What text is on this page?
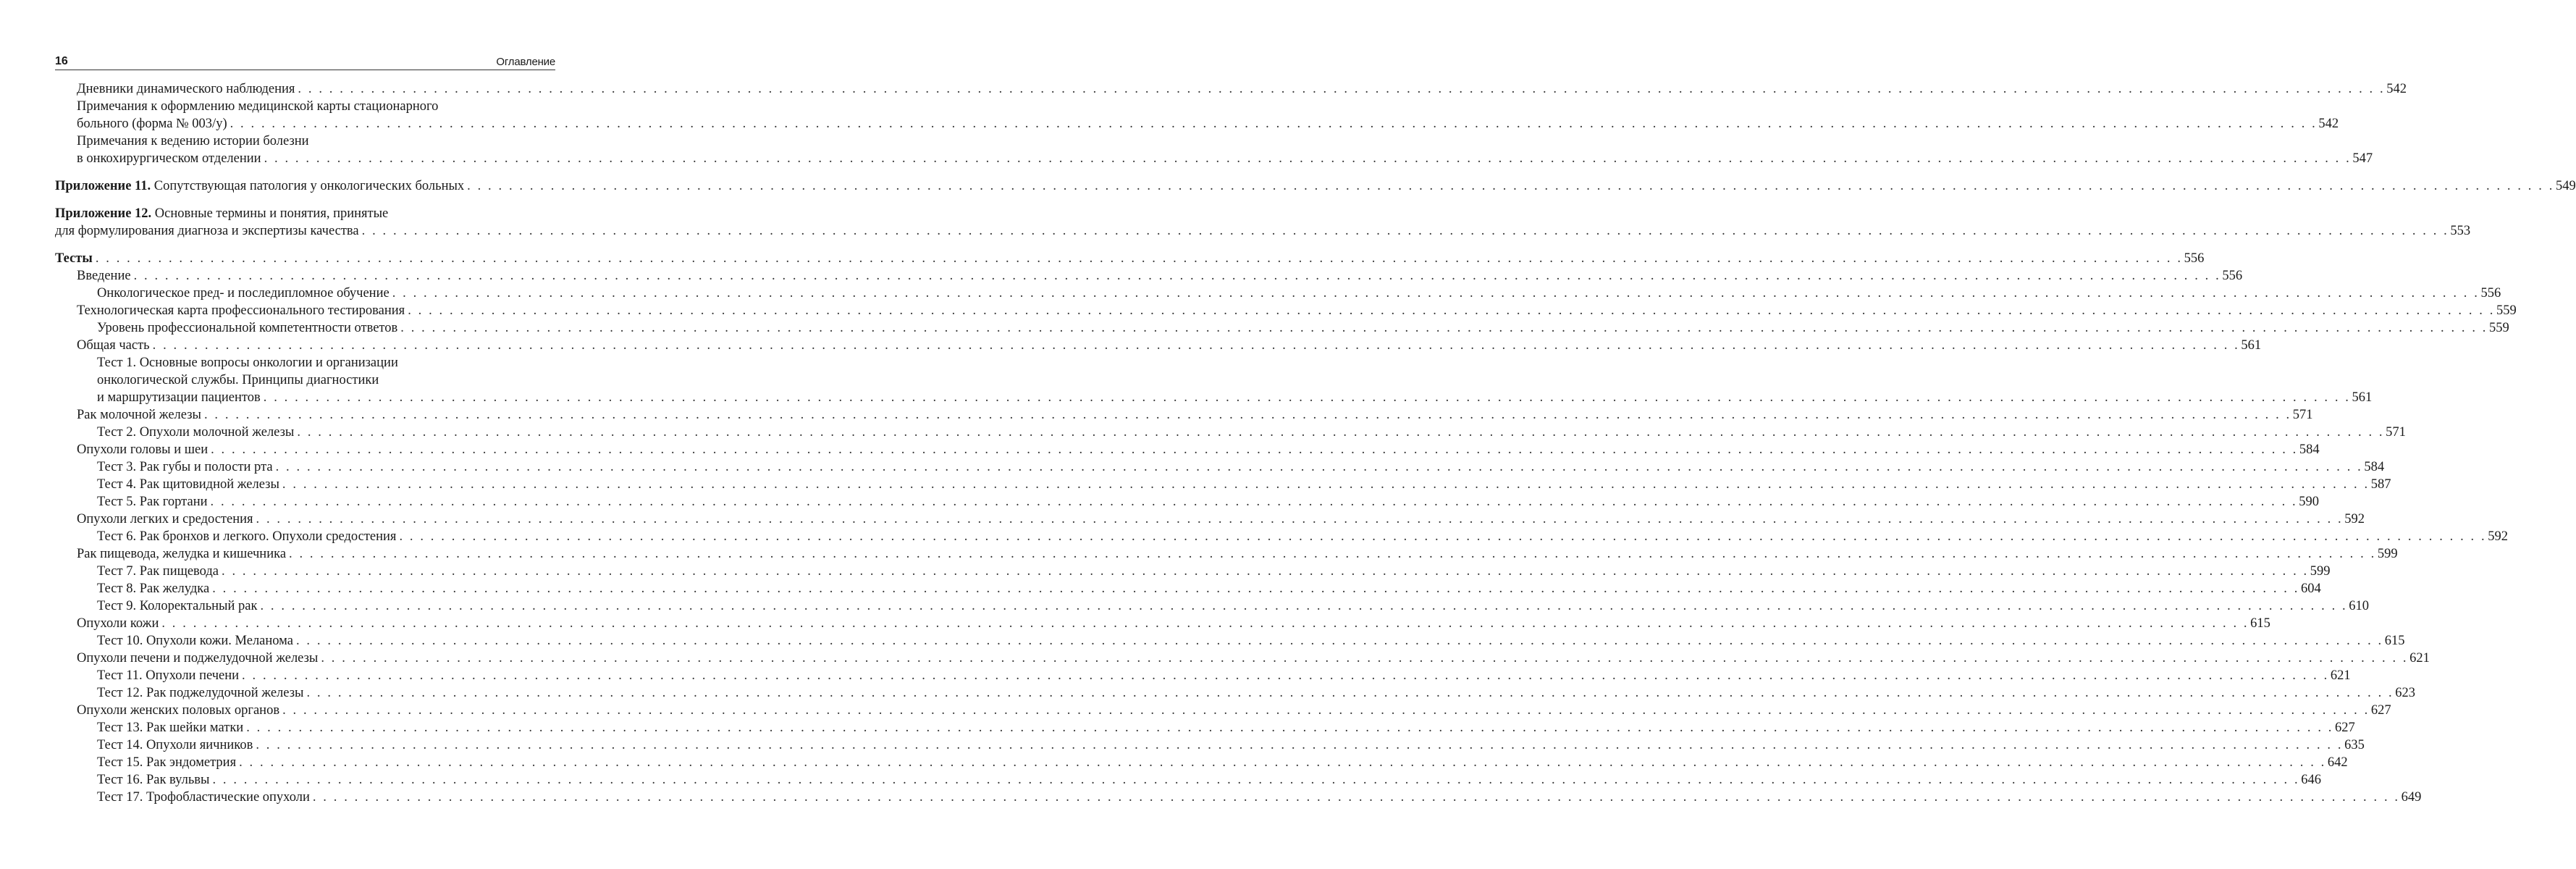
16	Оглавление
Дневники динамического наблюдения . . . . . . . . . . . . . . . . . . . . . . . . . . . . . . . . . . . . . . . . . . . . . . . . . . . . . . . . . . . . . . . . . . . . . . . . . . . . . . . . . . . . . . . . . . . . . . . . . . . . . . . . . . . . . . . . . . . . . . . . . . . . . . . . . . . . . . . . . . . . . . . . . . . . . . . . . . . . . . . . . . . . . . . . . . . . . . . . . . . . . . . . . . . . . . . . . . . . . . . . 542
Примечания к оформлению медицинской карты стационарного
больного (форма № 003/у) . . . . . . . . . . . . . . . . . . . . . . . . . . . . . . . . . . . . . . . . . . . . . . . . . . . . . . . . . . . . . . . . . . . . . . . . . . . . . . . . . . . . . . . . . . . . . . . . . . . . . . . . . . . . . . . . . . . . . . . . . . . . . . . . . . . . . . . . . . . . . . . . . . . . . . . . . . . . . . . . . . . . . . . . . . . . . . . . . . . . . . . . . . . . . . . . . . . . . . . . 542
Примечания к ведению истории болезни
в онкохирургическом отделении . . . . . . . . . . . . . . . . . . . . . . . . . . . . . . . . . . . . . . . . . . . . . . . . . . . . . . . . . . . . . . . . . . . . . . . . . . . . . . . . . . . . . . . . . . . . . . . . . . . . . . . . . . . . . . . . . . . . . . . . . . . . . . . . . . . . . . . . . . . . . . . . . . . . . . . . . . . . . . . . . . . . . . . . . . . . . . . . . . . . . . . . . . . . . . . . . . . . . . . . 547
Приложение 11. Сопутствующая патология у онкологических больных . . . . . . . . . . . . . . . . . . . . . . . . . . . . . . . . . . . . . . . . . . . . . . . . . . . . . . . . . . . . . . . . . . . . . . . . . . . . . . . . . . . . . . . . . . . . . . . . . . . . . . . . . . . . . . . . . . . . . . . . . . . . . . . . . . . . . . . . . . . . . . . . . . . . . . . . . . . . . . . . . . . . . . . . . . . . . . . . . . . . . . . . . . . . . . . . . . . . . . . . 549
Приложение 12. Основные термины и понятия, принятые
для формулирования диагноза и экспертизы качества . . . . . . . . . . . . . . . . . . . . . . . . . . . . . . . . . . . . . . . . . . . . . . . . . . . . . . . . . . . . . . . . . . . . . . . . . . . . . . . . . . . . . . . . . . . . . . . . . . . . . . . . . . . . . . . . . . . . . . . . . . . . . . . . . . . . . . . . . . . . . . . . . . . . . . . . . . . . . . . . . . . . . . . . . . . . . . . . . . . . . . . . . . . . . . . . . . . . . . . . 553
Тесты . . . . . . . . . . . . . . . . . . . . . . . . . . . . . . . . . . . . . . . . . . . . . . . . . . . . . . . . . . . . . . . . . . . . . . . . . . . . . . . . . . . . . . . . . . . . . . . . . . . . . . . . . . . . . . . . . . . . . . . . . . . . . . . . . . . . . . . . . . . . . . . . . . . . . . . . . . . . . . . . . . . . . . . . . . . . . . . . . . . . . . . . . . . . . . . . . . . . . . . . 556
Введение . . . . . . . . . . . . . . . . . . . . . . . . . . . . . . . . . . . . . . . . . . . . . . . . . . . . . . . . . . . . . . . . . . . . . . . . . . . . . . . . . . . . . . . . . . . . . . . . . . . . . . . . . . . . . . . . . . . . . . . . . . . . . . . . . . . . . . . . . . . . . . . . . . . . . . . . . . . . . . . . . . . . . . . . . . . . . . . . . . . . . . . . . . . . . . . . . . . . . . . . 556
Онкологическое пред- и последипломное обучение . . . . . . . . . . . . . . . . . . . . . . . . . . . . . . . . . . . . . . . . . . . . . . . . . . . . . . . . . . . . . . . . . . . . . . . . . . . . . . . . . . . . . . . . . . . . . . . . . . . . . . . . . . . . . . . . . . . . . . . . . . . . . . . . . . . . . . . . . . . . . . . . . . . . . . . . . . . . . . . . . . . . . . . . . . . . . . . . . . . . . . . . . . . . . . . . . . . . . . . . 556
Технологическая карта профессионального тестирования . . . . . . . . . . . . . . . . . . . . . . . . . . . . . . . . . . . . . . . . . . . . . . . . . . . . . . . . . . . . . . . . . . . . . . . . . . . . . . . . . . . . . . . . . . . . . . . . . . . . . . . . . . . . . . . . . . . . . . . . . . . . . . . . . . . . . . . . . . . . . . . . . . . . . . . . . . . . . . . . . . . . . . . . . . . . . . . . . . . . . . . . . . . . . . . . . . . . . . . . 559
Уровень профессиональной компетентности ответов . . . . . . . . . . . . . . . . . . . . . . . . . . . . . . . . . . . . . . . . . . . . . . . . . . . . . . . . . . . . . . . . . . . . . . . . . . . . . . . . . . . . . . . . . . . . . . . . . . . . . . . . . . . . . . . . . . . . . . . . . . . . . . . . . . . . . . . . . . . . . . . . . . . . . . . . . . . . . . . . . . . . . . . . . . . . . . . . . . . . . . . . . . . . . . . . . . . . . . . . 559
Общая часть . . . . . . . . . . . . . . . . . . . . . . . . . . . . . . . . . . . . . . . . . . . . . . . . . . . . . . . . . . . . . . . . . . . . . . . . . . . . . . . . . . . . . . . . . . . . . . . . . . . . . . . . . . . . . . . . . . . . . . . . . . . . . . . . . . . . . . . . . . . . . . . . . . . . . . . . . . . . . . . . . . . . . . . . . . . . . . . . . . . . . . . . . . . . . . . . . . . . . . . . 561
Тест 1. Основные вопросы онкологии и организации
онкологической службы. Принципы диагностики
и маршрутизации пациентов . . . . . . . . . . . . . . . . . . . . . . . . . . . . . . . . . . . . . . . . . . . . . . . . . . . . . . . . . . . . . . . . . . . . . . . . . . . . . . . . . . . . . . . . . . . . . . . . . . . . . . . . . . . . . . . . . . . . . . . . . . . . . . . . . . . . . . . . . . . . . . . . . . . . . . . . . . . . . . . . . . . . . . . . . . . . . . . . . . . . . . . . . . . . . . . . . . . . . . . . 561
Рак молочной железы . . . . . . . . . . . . . . . . . . . . . . . . . . . . . . . . . . . . . . . . . . . . . . . . . . . . . . . . . . . . . . . . . . . . . . . . . . . . . . . . . . . . . . . . . . . . . . . . . . . . . . . . . . . . . . . . . . . . . . . . . . . . . . . . . . . . . . . . . . . . . . . . . . . . . . . . . . . . . . . . . . . . . . . . . . . . . . . . . . . . . . . . . . . . . . . . . . . . . . . . 571
Тест 2. Опухоли молочной железы . . . . . . . . . . . . . . . . . . . . . . . . . . . . . . . . . . . . . . . . . . . . . . . . . . . . . . . . . . . . . . . . . . . . . . . . . . . . . . . . . . . . . . . . . . . . . . . . . . . . . . . . . . . . . . . . . . . . . . . . . . . . . . . . . . . . . . . . . . . . . . . . . . . . . . . . . . . . . . . . . . . . . . . . . . . . . . . . . . . . . . . . . . . . . . . . . . . . . . . . 571
Опухоли головы и шеи . . . . . . . . . . . . . . . . . . . . . . . . . . . . . . . . . . . . . . . . . . . . . . . . . . . . . . . . . . . . . . . . . . . . . . . . . . . . . . . . . . . . . . . . . . . . . . . . . . . . . . . . . . . . . . . . . . . . . . . . . . . . . . . . . . . . . . . . . . . . . . . . . . . . . . . . . . . . . . . . . . . . . . . . . . . . . . . . . . . . . . . . . . . . . . . . . . . . . . . . 584
Тест 3. Рак губы и полости рта . . . . . . . . . . . . . . . . . . . . . . . . . . . . . . . . . . . . . . . . . . . . . . . . . . . . . . . . . . . . . . . . . . . . . . . . . . . . . . . . . . . . . . . . . . . . . . . . . . . . . . . . . . . . . . . . . . . . . . . . . . . . . . . . . . . . . . . . . . . . . . . . . . . . . . . . . . . . . . . . . . . . . . . . . . . . . . . . . . . . . . . . . . . . . . . . . . . . . . . . 584
Тест 4. Рак щитовидной железы . . . . . . . . . . . . . . . . . . . . . . . . . . . . . . . . . . . . . . . . . . . . . . . . . . . . . . . . . . . . . . . . . . . . . . . . . . . . . . . . . . . . . . . . . . . . . . . . . . . . . . . . . . . . . . . . . . . . . . . . . . . . . . . . . . . . . . . . . . . . . . . . . . . . . . . . . . . . . . . . . . . . . . . . . . . . . . . . . . . . . . . . . . . . . . . . . . . . . . . . 587
Тест 5. Рак гортани . . . . . . . . . . . . . . . . . . . . . . . . . . . . . . . . . . . . . . . . . . . . . . . . . . . . . . . . . . . . . . . . . . . . . . . . . . . . . . . . . . . . . . . . . . . . . . . . . . . . . . . . . . . . . . . . . . . . . . . . . . . . . . . . . . . . . . . . . . . . . . . . . . . . . . . . . . . . . . . . . . . . . . . . . . . . . . . . . . . . . . . . . . . . . . . . . . . . . . . . 590
Опухоли легких и средостения . . . . . . . . . . . . . . . . . . . . . . . . . . . . . . . . . . . . . . . . . . . . . . . . . . . . . . . . . . . . . . . . . . . . . . . . . . . . . . . . . . . . . . . . . . . . . . . . . . . . . . . . . . . . . . . . . . . . . . . . . . . . . . . . . . . . . . . . . . . . . . . . . . . . . . . . . . . . . . . . . . . . . . . . . . . . . . . . . . . . . . . . . . . . . . . . . . . . . . . . 592
Тест 6. Рак бронхов и легкого. Опухоли средостения . . . . . . . . . . . . . . . . . . . . . . . . . . . . . . . . . . . . . . . . . . . . . . . . . . . . . . . . . . . . . . . . . . . . . . . . . . . . . . . . . . . . . . . . . . . . . . . . . . . . . . . . . . . . . . . . . . . . . . . . . . . . . . . . . . . . . . . . . . . . . . . . . . . . . . . . . . . . . . . . . . . . . . . . . . . . . . . . . . . . . . . . . . . . . . . . . . . . . . . . 592
Рак пищевода, желудка и кишечника . . . . . . . . . . . . . . . . . . . . . . . . . . . . . . . . . . . . . . . . . . . . . . . . . . . . . . . . . . . . . . . . . . . . . . . . . . . . . . . . . . . . . . . . . . . . . . . . . . . . . . . . . . . . . . . . . . . . . . . . . . . . . . . . . . . . . . . . . . . . . . . . . . . . . . . . . . . . . . . . . . . . . . . . . . . . . . . . . . . . . . . . . . . . . . . . . . . . . . . . 599
Тест 7. Рак пищевода . . . . . . . . . . . . . . . . . . . . . . . . . . . . . . . . . . . . . . . . . . . . . . . . . . . . . . . . . . . . . . . . . . . . . . . . . . . . . . . . . . . . . . . . . . . . . . . . . . . . . . . . . . . . . . . . . . . . . . . . . . . . . . . . . . . . . . . . . . . . . . . . . . . . . . . . . . . . . . . . . . . . . . . . . . . . . . . . . . . . . . . . . . . . . . . . . . . . . . . . 599
Тест 8. Рак желудка . . . . . . . . . . . . . . . . . . . . . . . . . . . . . . . . . . . . . . . . . . . . . . . . . . . . . . . . . . . . . . . . . . . . . . . . . . . . . . . . . . . . . . . . . . . . . . . . . . . . . . . . . . . . . . . . . . . . . . . . . . . . . . . . . . . . . . . . . . . . . . . . . . . . . . . . . . . . . . . . . . . . . . . . . . . . . . . . . . . . . . . . . . . . . . . . . . . . . . . . 604
Тест 9. Колоректальный рак . . . . . . . . . . . . . . . . . . . . . . . . . . . . . . . . . . . . . . . . . . . . . . . . . . . . . . . . . . . . . . . . . . . . . . . . . . . . . . . . . . . . . . . . . . . . . . . . . . . . . . . . . . . . . . . . . . . . . . . . . . . . . . . . . . . . . . . . . . . . . . . . . . . . . . . . . . . . . . . . . . . . . . . . . . . . . . . . . . . . . . . . . . . . . . . . . . . . . . . . 610
Опухоли кожи . . . . . . . . . . . . . . . . . . . . . . . . . . . . . . . . . . . . . . . . . . . . . . . . . . . . . . . . . . . . . . . . . . . . . . . . . . . . . . . . . . . . . . . . . . . . . . . . . . . . . . . . . . . . . . . . . . . . . . . . . . . . . . . . . . . . . . . . . . . . . . . . . . . . . . . . . . . . . . . . . . . . . . . . . . . . . . . . . . . . . . . . . . . . . . . . . . . . . . . . 615
Тест 10. Опухоли кожи. Меланома . . . . . . . . . . . . . . . . . . . . . . . . . . . . . . . . . . . . . . . . . . . . . . . . . . . . . . . . . . . . . . . . . . . . . . . . . . . . . . . . . . . . . . . . . . . . . . . . . . . . . . . . . . . . . . . . . . . . . . . . . . . . . . . . . . . . . . . . . . . . . . . . . . . . . . . . . . . . . . . . . . . . . . . . . . . . . . . . . . . . . . . . . . . . . . . . . . . . . . . . 615
Опухоли печени и поджелудочной железы . . . . . . . . . . . . . . . . . . . . . . . . . . . . . . . . . . . . . . . . . . . . . . . . . . . . . . . . . . . . . . . . . . . . . . . . . . . . . . . . . . . . . . . . . . . . . . . . . . . . . . . . . . . . . . . . . . . . . . . . . . . . . . . . . . . . . . . . . . . . . . . . . . . . . . . . . . . . . . . . . . . . . . . . . . . . . . . . . . . . . . . . . . . . . . . . . . . . . . . . 621
Тест 11. Опухоли печени . . . . . . . . . . . . . . . . . . . . . . . . . . . . . . . . . . . . . . . . . . . . . . . . . . . . . . . . . . . . . . . . . . . . . . . . . . . . . . . . . . . . . . . . . . . . . . . . . . . . . . . . . . . . . . . . . . . . . . . . . . . . . . . . . . . . . . . . . . . . . . . . . . . . . . . . . . . . . . . . . . . . . . . . . . . . . . . . . . . . . . . . . . . . . . . . . . . . . . . . 621
Тест 12. Рак поджелудочной железы . . . . . . . . . . . . . . . . . . . . . . . . . . . . . . . . . . . . . . . . . . . . . . . . . . . . . . . . . . . . . . . . . . . . . . . . . . . . . . . . . . . . . . . . . . . . . . . . . . . . . . . . . . . . . . . . . . . . . . . . . . . . . . . . . . . . . . . . . . . . . . . . . . . . . . . . . . . . . . . . . . . . . . . . . . . . . . . . . . . . . . . . . . . . . . . . . . . . . . . . 623
Опухоли женских половых органов . . . . . . . . . . . . . . . . . . . . . . . . . . . . . . . . . . . . . . . . . . . . . . . . . . . . . . . . . . . . . . . . . . . . . . . . . . . . . . . . . . . . . . . . . . . . . . . . . . . . . . . . . . . . . . . . . . . . . . . . . . . . . . . . . . . . . . . . . . . . . . . . . . . . . . . . . . . . . . . . . . . . . . . . . . . . . . . . . . . . . . . . . . . . . . . . . . . . . . . . 627
Тест 13. Рак шейки матки . . . . . . . . . . . . . . . . . . . . . . . . . . . . . . . . . . . . . . . . . . . . . . . . . . . . . . . . . . . . . . . . . . . . . . . . . . . . . . . . . . . . . . . . . . . . . . . . . . . . . . . . . . . . . . . . . . . . . . . . . . . . . . . . . . . . . . . . . . . . . . . . . . . . . . . . . . . . . . . . . . . . . . . . . . . . . . . . . . . . . . . . . . . . . . . . . . . . . . . . 627
Тест 14. Опухоли яичников . . . . . . . . . . . . . . . . . . . . . . . . . . . . . . . . . . . . . . . . . . . . . . . . . . . . . . . . . . . . . . . . . . . . . . . . . . . . . . . . . . . . . . . . . . . . . . . . . . . . . . . . . . . . . . . . . . . . . . . . . . . . . . . . . . . . . . . . . . . . . . . . . . . . . . . . . . . . . . . . . . . . . . . . . . . . . . . . . . . . . . . . . . . . . . . . . . . . . . . . 635
Тест 15. Рак эндометрия . . . . . . . . . . . . . . . . . . . . . . . . . . . . . . . . . . . . . . . . . . . . . . . . . . . . . . . . . . . . . . . . . . . . . . . . . . . . . . . . . . . . . . . . . . . . . . . . . . . . . . . . . . . . . . . . . . . . . . . . . . . . . . . . . . . . . . . . . . . . . . . . . . . . . . . . . . . . . . . . . . . . . . . . . . . . . . . . . . . . . . . . . . . . . . . . . . . . . . . . 642
Тест 16. Рак вульвы . . . . . . . . . . . . . . . . . . . . . . . . . . . . . . . . . . . . . . . . . . . . . . . . . . . . . . . . . . . . . . . . . . . . . . . . . . . . . . . . . . . . . . . . . . . . . . . . . . . . . . . . . . . . . . . . . . . . . . . . . . . . . . . . . . . . . . . . . . . . . . . . . . . . . . . . . . . . . . . . . . . . . . . . . . . . . . . . . . . . . . . . . . . . . . . . . . . . . . . . 646
Тест 17. Трофобластические опухоли . . . . . . . . . . . . . . . . . . . . . . . . . . . . . . . . . . . . . . . . . . . . . . . . . . . . . . . . . . . . . . . . . . . . . . . . . . . . . . . . . . . . . . . . . . . . . . . . . . . . . . . . . . . . . . . . . . . . . . . . . . . . . . . . . . . . . . . . . . . . . . . . . . . . . . . . . . . . . . . . . . . . . . . . . . . . . . . . . . . . . . . . . . . . . . . . . . . . . . . . 649
